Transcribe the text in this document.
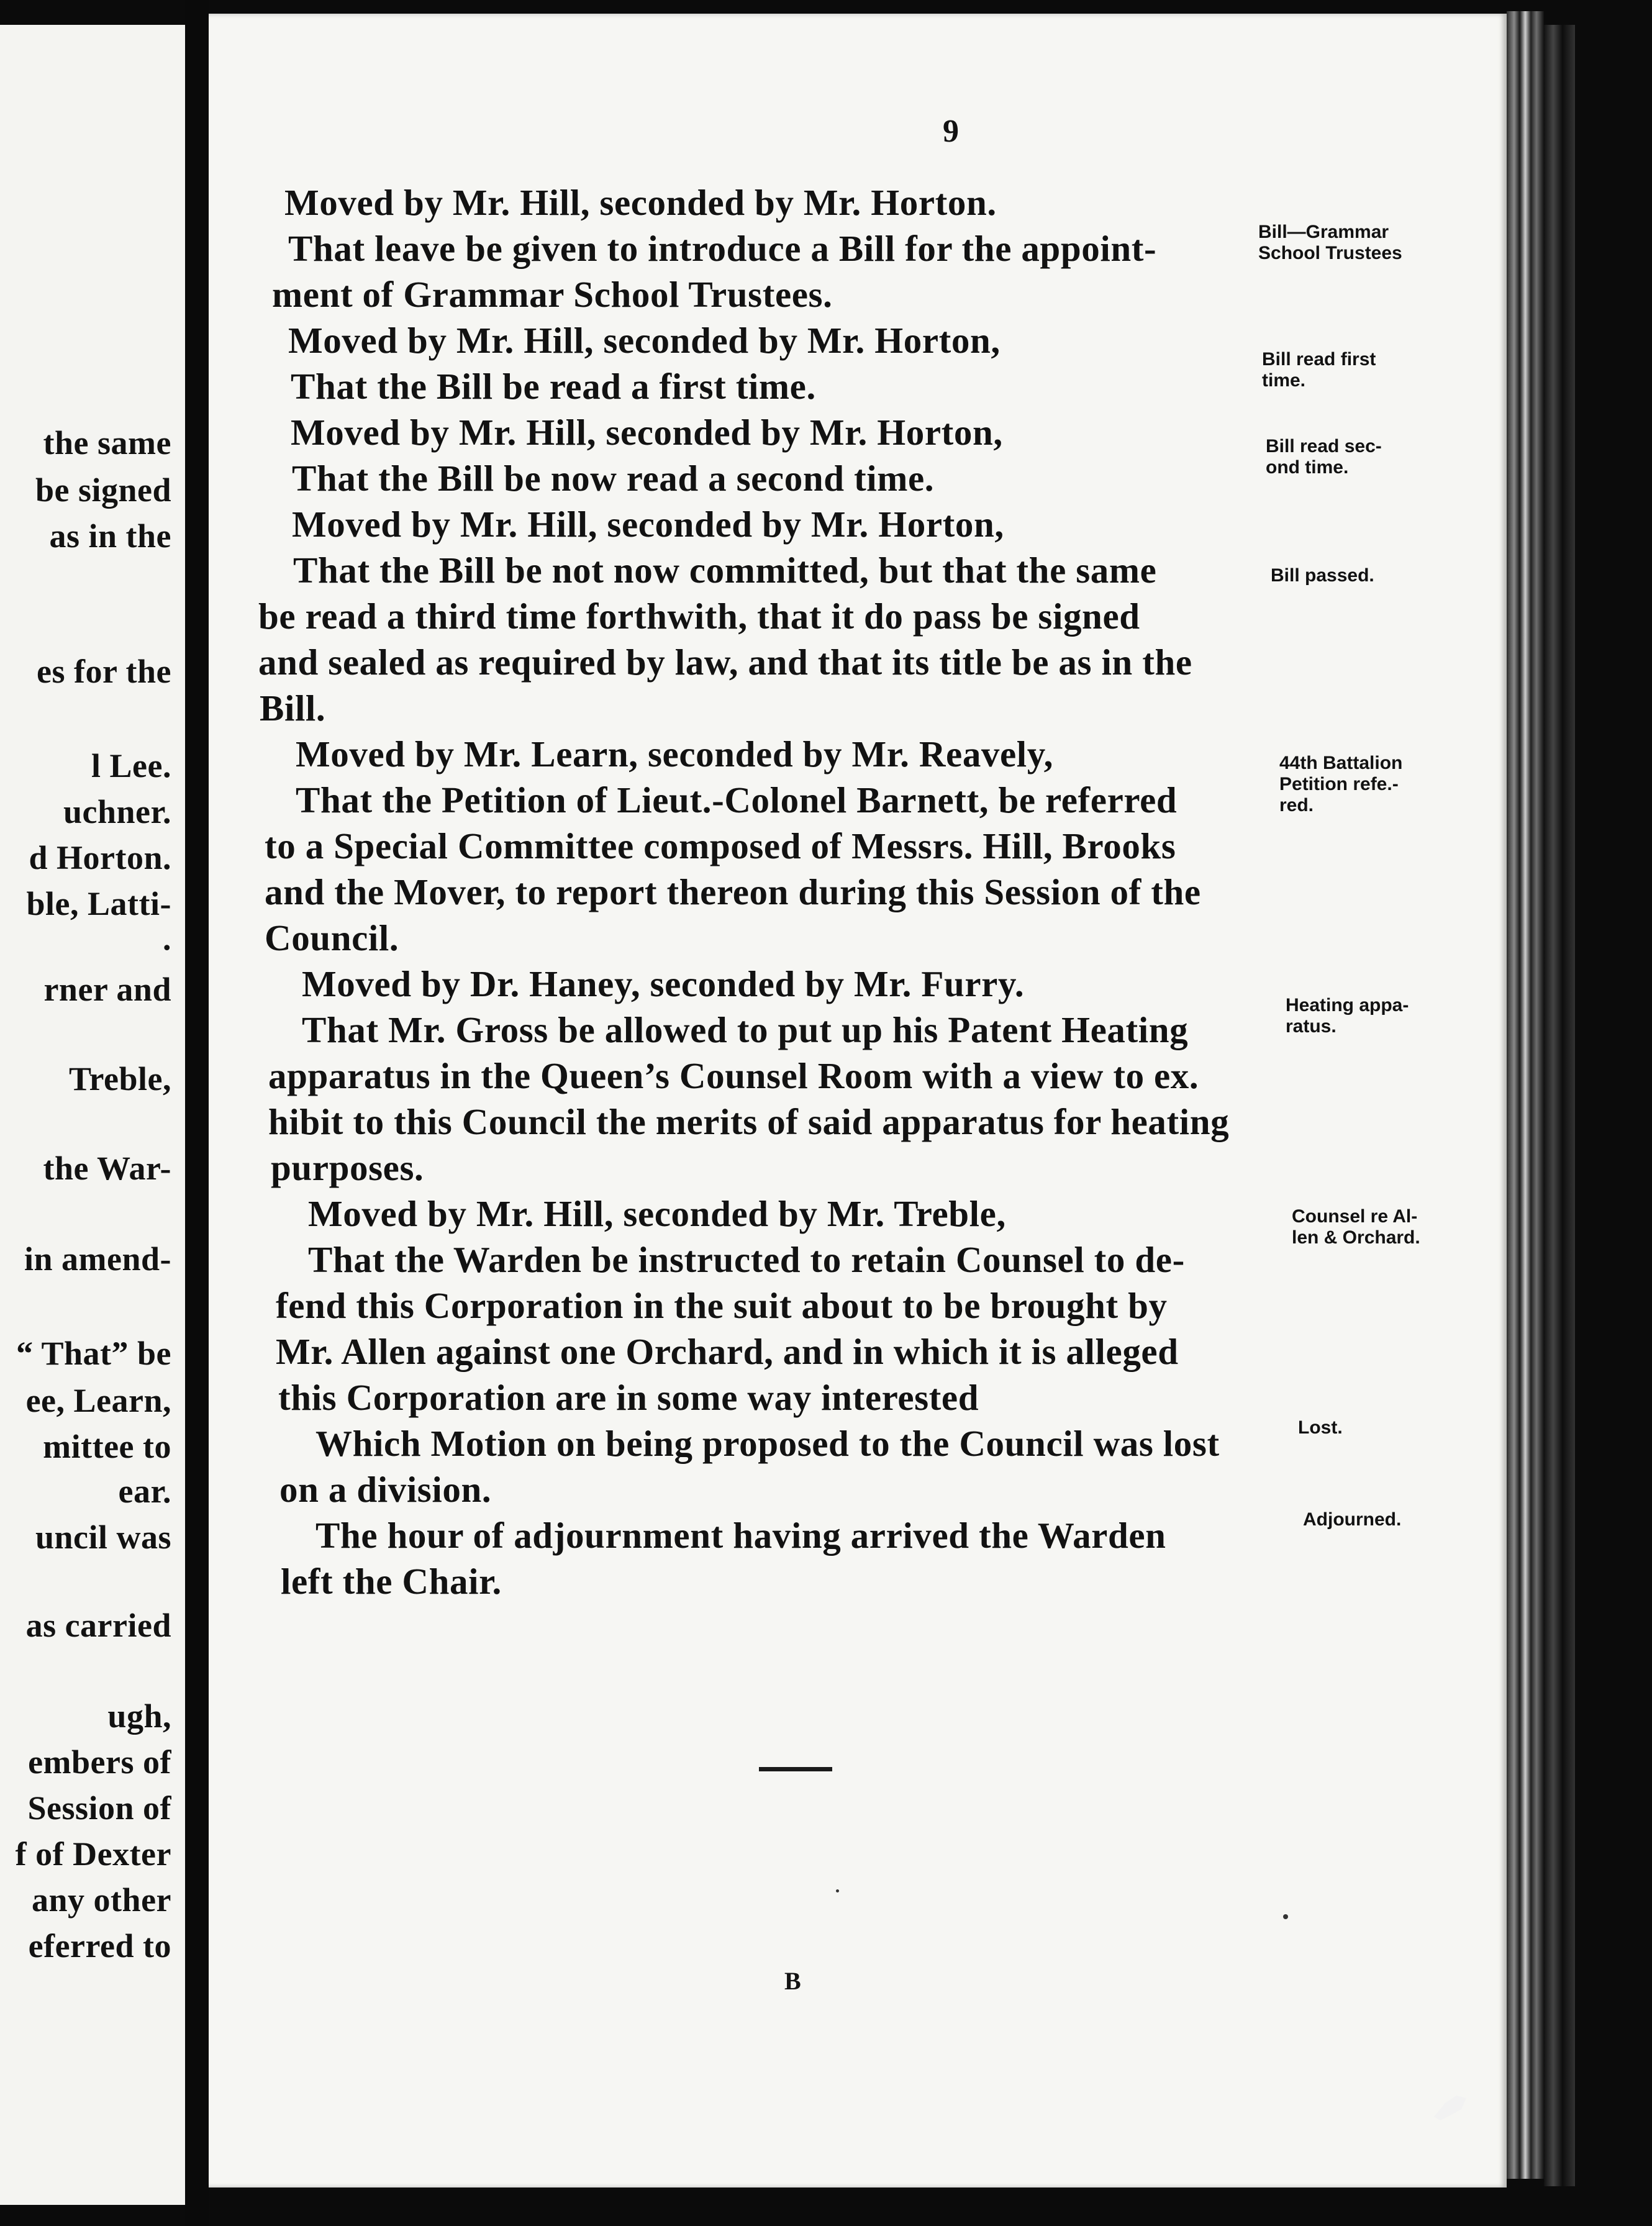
the same
be signed
as in the
es for the
l Lee.
uchner.
d Horton.
ble, Latti-
.
rner and
Treble,
the War-
in amend-
“ That” be
ee, Learn,
mittee to
ear.
uncil was
as carried
ugh,
embers of
Session of
f of Dexter
any other
eferred to
9
Moved by Mr. Hill, seconded by Mr. Horton.
That leave be given to introduce a Bill for the appoint-
ment of Grammar School Trustees.
Moved by Mr. Hill, seconded by Mr. Horton,
That the Bill be read a first time.
Moved by Mr. Hill, seconded by Mr. Horton,
That the Bill be now read a second time.
Moved by Mr. Hill, seconded by Mr. Horton,
That the Bill be not now committed, but that the same
be read a third time forthwith, that it do pass be signed
and sealed as required by law, and that its title be as in the
Bill.
Moved by Mr. Learn, seconded by Mr. Reavely,
That the Petition of Lieut.-Colonel Barnett, be referred
to a Special Committee composed of Messrs. Hill, Brooks
and the Mover, to report thereon during this Session of the
Council.
Moved by Dr. Haney, seconded by Mr. Furry.
That Mr. Gross be allowed to put up his Patent Heating
apparatus in the Queen’s Counsel Room with a view to ex.
hibit to this Council the merits of said apparatus for heating
purposes.
Moved by Mr. Hill, seconded by Mr. Treble,
That the Warden be instructed to retain Counsel to de-
fend this Corporation in the suit about to be brought by
Mr. Allen against one Orchard, and in which it is alleged
this Corporation are in some way interested
Which Motion on being proposed to the Council was lost
on a division.
The hour of adjournment having arrived the Warden
left the Chair.
Bill—Grammar
School Trustees
Bill read first
time.
Bill read sec-
ond time.
Bill passed.
44th Battalion
Petition refe.-
red.
Heating appa-
ratus.
Counsel re Al-
len & Orchard.
Lost.
Adjourned.
B
